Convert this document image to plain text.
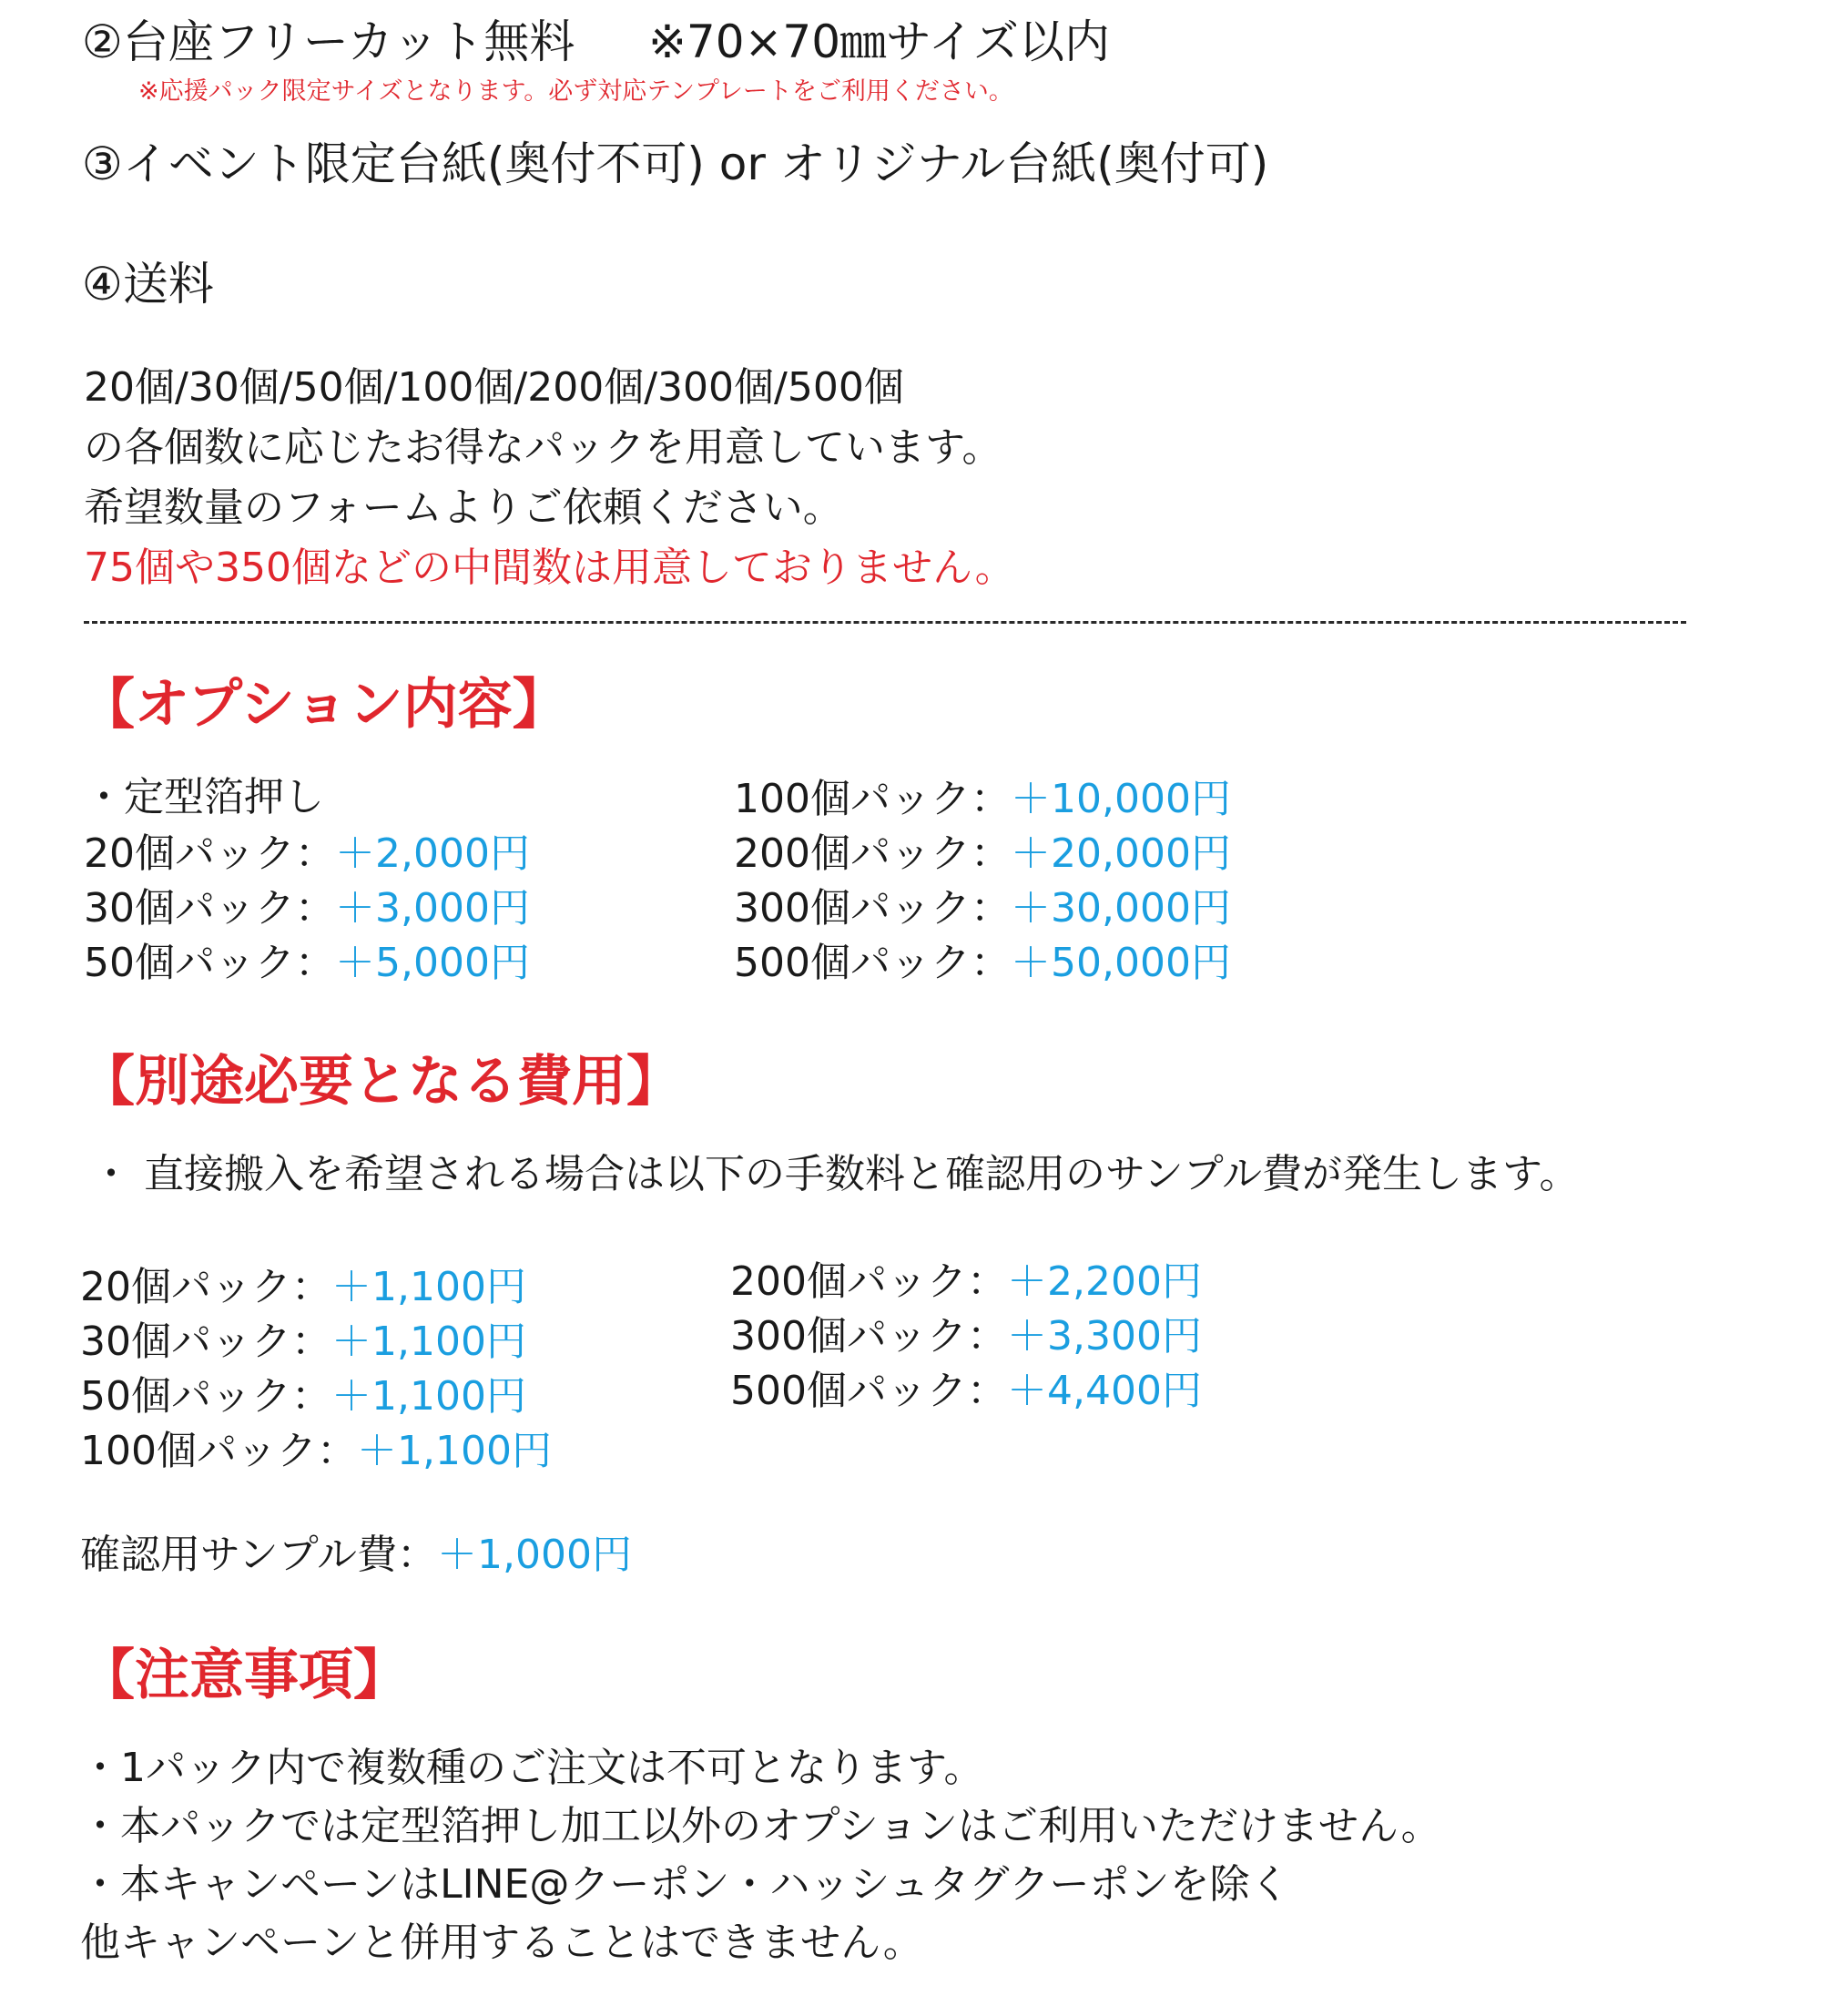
②台座フリーカット無料 ※70×70㎜サイズ以内
※応援パック限定サイズとなります。必ず対応テンプレートをご利用ください。
③イベント限定台紙(奥付不可) or オリジナル台紙(奥付可)
④送料
20個/30個/50個/100個/200個/300個/500個
の各個数に応じたお得なパックを用意しています。
希望数量のフォームよりご依頼ください。
75個や350個などの中間数は用意しておりません。
【オプション内容】
・定型箔押し
20個パック：＋2,000円
30個パック：＋3,000円
50個パック：＋5,000円
100個パック：＋10,000円
200個パック：＋20,000円
300個パック：＋30,000円
500個パック：＋50,000円
【別途必要となる費用】
・ 直接搬入を希望される場合は以下の手数料と確認用のサンプル費が発生します。
20個パック：＋1,100円
30個パック：＋1,100円
50個パック：＋1,100円
100個パック：＋1,100円
200個パック：＋2,200円
300個パック：＋3,300円
500個パック：＋4,400円
確認用サンプル費：＋1,000円
【注意事項】
・1パック内で複数種のご注文は不可となります。
・本パックでは定型箔押し加工以外のオプションはご利用いただけません。
・本キャンペーンはLINE@クーポン・ハッシュタグクーポンを除く
他キャンペーンと併用することはできません。
